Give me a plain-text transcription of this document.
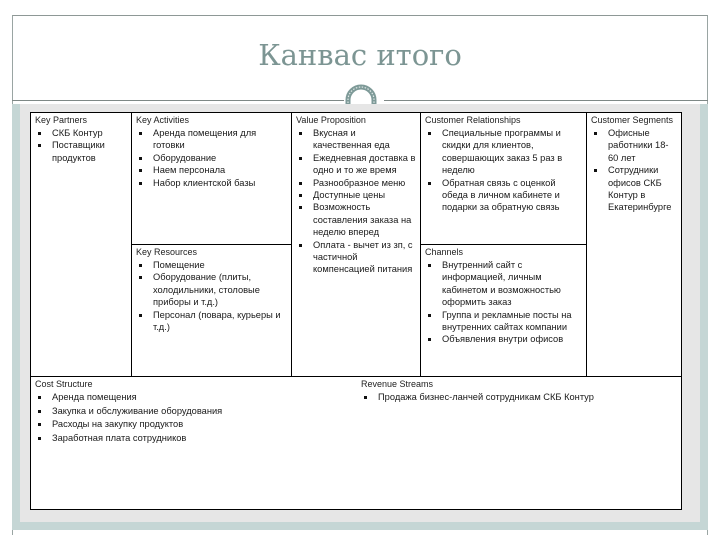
Канвас итого
Key Partners
СКБ Контур
Поставщики продуктов
Key Activities
Аренда помещения для готовки
Оборудование
Наем персонала
Набор клиентской базы
Key Resources
Помещение
Оборудование (плиты, холодильники, столовые приборы и т.д.)
Персонал (повара, курьеры и т.д.)
Value Proposition
Вкусная и качественная еда
Ежедневная доставка в одно и то же время
Разнообразное меню
Доступные цены
Возможность составления заказа на неделю вперед
Оплата - вычет из зп, с частичной компенсацией питания
Customer Relationships
Специальные программы и скидки для клиентов, совершающих заказ 5 раз в неделю
Обратная связь с оценкой обеда в личном кабинете и подарки за обратную связь
Channels
Внутренний сайт с информацией, личным кабинетом и возможностью оформить заказ
Группа и рекламные посты на внутренних сайтах компании
Объявления внутри офисов
Customer Segments
Офисные работники 18-60 лет
Сотрудники офисов СКБ Контур в Екатеринбурге
Cost Structure
Аренда помещения
Закупка и обслуживание оборудования
Расходы на закупку продуктов
Заработная плата сотрудников
Revenue Streams
Продажа бизнес-ланчей сотрудникам СКБ Контур
